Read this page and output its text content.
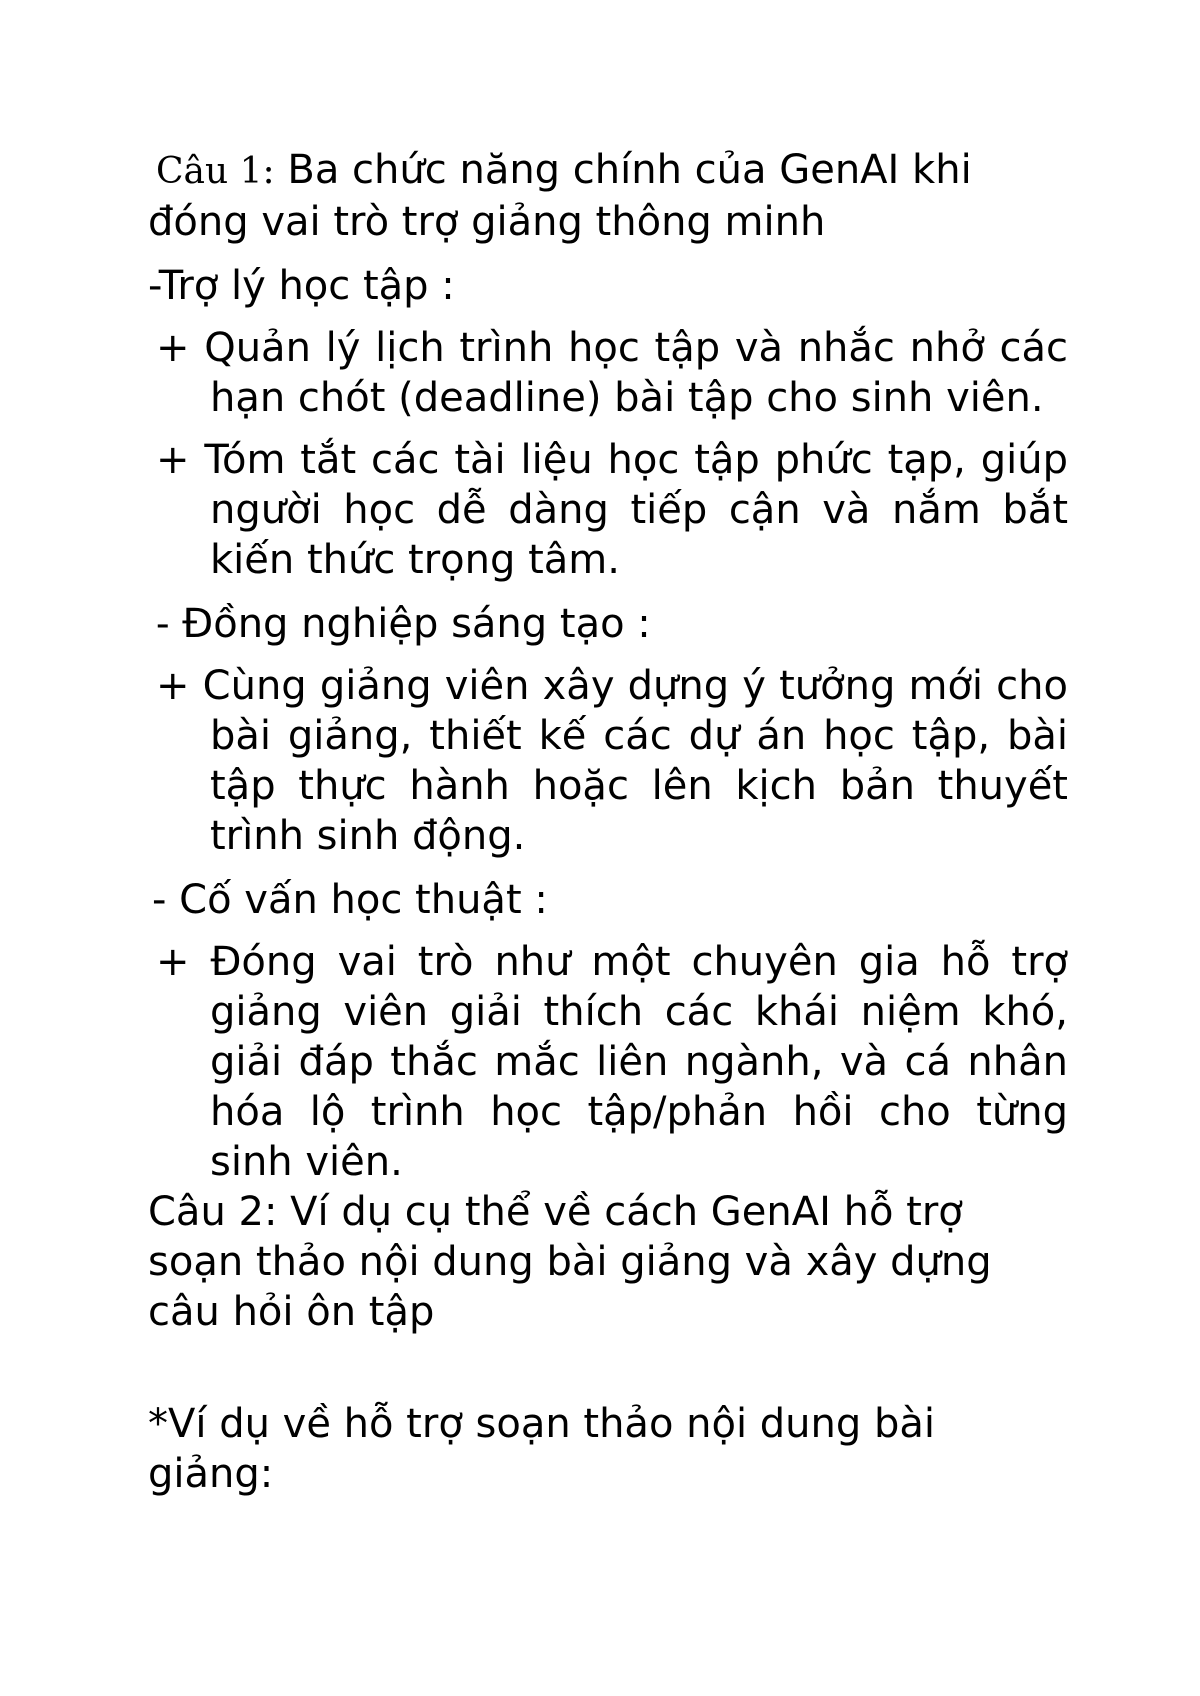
Câu 1: Ba chức năng chính của GenAI khi đóng vai trò trợ giảng thông minh

-Trợ lý học tập :

+ Quản lý lịch trình học tập và nhắc nhở các hạn chót (deadline) bài tập cho sinh viên.

+ Tóm tắt các tài liệu học tập phức tạp, giúp người học dễ dàng tiếp cận và nắm bắt kiến thức trọng tâm.

- Đồng nghiệp sáng tạo :

+ Cùng giảng viên xây dựng ý tưởng mới cho bài giảng, thiết kế các dự án học tập, bài tập thực hành hoặc lên kịch bản thuyết trình sinh động.

- Cố vấn học thuật :

+ Đóng vai trò như một chuyên gia hỗ trợ giảng viên giải thích các khái niệm khó, giải đáp thắc mắc liên ngành, và cá nhân hóa lộ trình học tập/phản hồi cho từng sinh viên.

Câu 2: Ví dụ cụ thể về cách GenAI hỗ trợ soạn thảo nội dung bài giảng và xây dựng câu hỏi ôn tập

*Ví dụ về hỗ trợ soạn thảo nội dung bài giảng:
